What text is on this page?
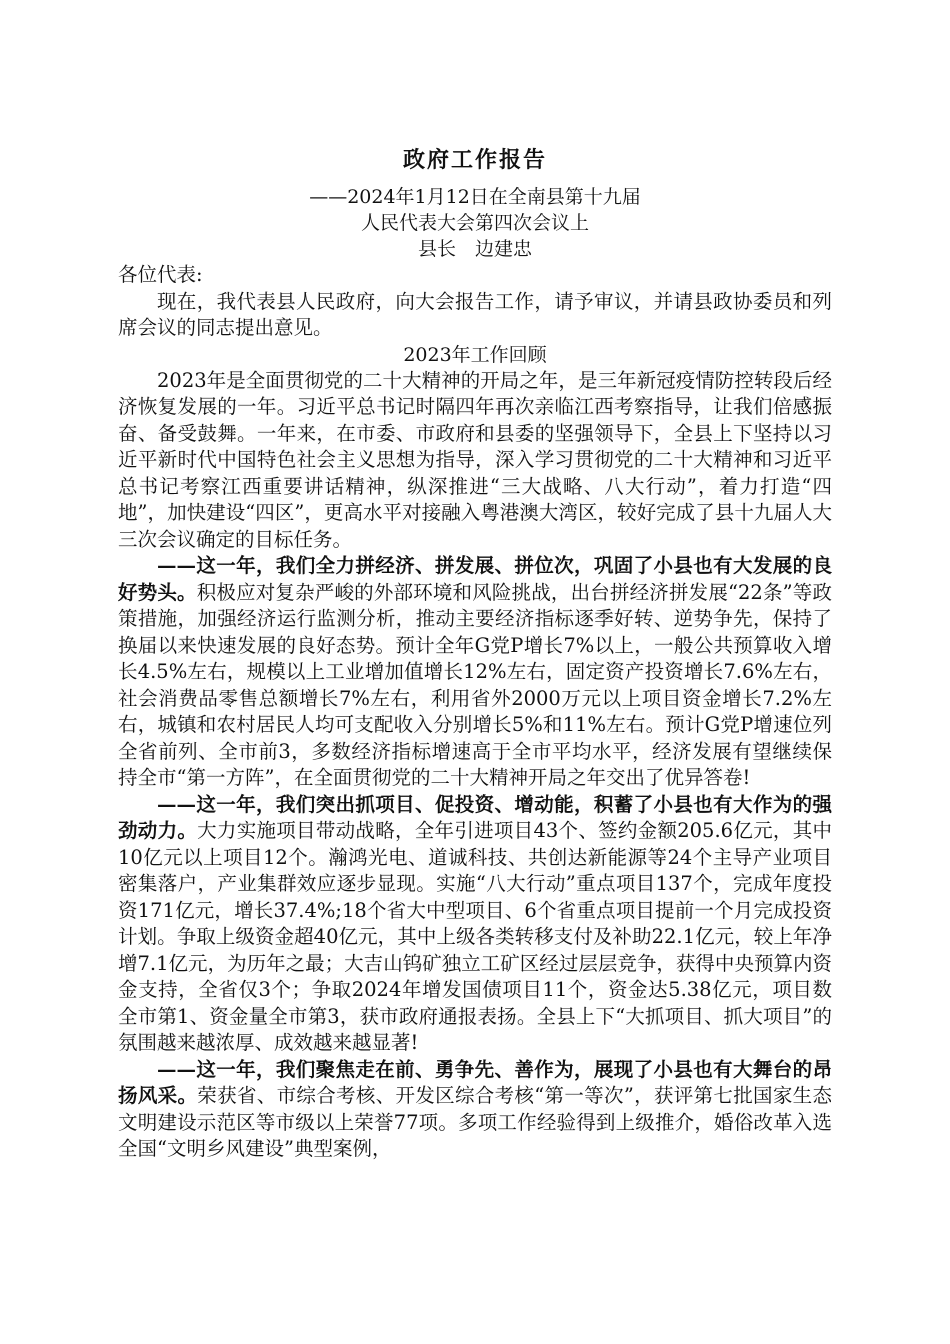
政府工作报告
——2024年1月12日在全南县第十九届
人民代表大会第四次会议上
县长　边建忠
各位代表:
现在，我代表县人民政府，向大会报告工作，请予审议，并请县政协委员和列席会议的同志提出意见。
2023年工作回顾
2023年是全面贯彻党的二十大精神的开局之年，是三年新冠疫情防控转段后经济恢复发展的一年。习近平总书记时隔四年再次亲临江西考察指导，让我们倍感振奋、备受鼓舞。一年来，在市委、市政府和县委的坚强领导下，全县上下坚持以习近平新时代中国特色社会主义思想为指导，深入学习贯彻党的二十大精神和习近平总书记考察江西重要讲话精神，纵深推进“三大战略、八大行动”，着力打造“四地”，加快建设“四区”，更高水平对接融入粤港澳大湾区，较好完成了县十九届人大三次会议确定的目标任务。
——这一年，我们全力拼经济、拼发展、拼位次，巩固了小县也有大发展的良好势头。积极应对复杂严峻的外部环境和风险挑战，出台拼经济拼发展“22条”等政策措施，加强经济运行监测分析，推动主要经济指标逐季好转、逆势争先，保持了换届以来快速发展的良好态势。预计全年G党P增长7%以上，一般公共预算收入增长4.5%左右，规模以上工业增加值增长12%左右，固定资产投资增长7.6%左右，社会消费品零售总额增长7%左右，利用省外2000万元以上项目资金增长7.2%左右，城镇和农村居民人均可支配收入分别增长5%和11%左右。预计G党P增速位列全省前列、全市前3，多数经济指标增速高于全市平均水平，经济发展有望继续保持全市“第一方阵”，在全面贯彻党的二十大精神开局之年交出了优异答卷!
——这一年，我们突出抓项目、促投资、增动能，积蓄了小县也有大作为的强劲动力。大力实施项目带动战略，全年引进项目43个、签约金额205.6亿元，其中10亿元以上项目12个。瀚鸿光电、道诚科技、共创达新能源等24个主导产业项目密集落户，产业集群效应逐步显现。实施“八大行动”重点项目137个，完成年度投资171亿元，增长37.4%;18个省大中型项目、6个省重点项目提前一个月完成投资计划。争取上级资金超40亿元，其中上级各类转移支付及补助22.1亿元，较上年净增7.1亿元，为历年之最；大吉山钨矿独立工矿区经过层层竞争，获得中央预算内资金支持，全省仅3个；争取2024年增发国债项目11个，资金达5.38亿元，项目数全市第1、资金量全市第3，获市政府通报表扬。全县上下“大抓项目、抓大项目”的氛围越来越浓厚、成效越来越显著!
——这一年，我们聚焦走在前、勇争先、善作为，展现了小县也有大舞台的昂扬风采。荣获省、市综合考核、开发区综合考核“第一等次”，获评第七批国家生态文明建设示范区等市级以上荣誉77项。多项工作经验得到上级推介，婚俗改革入选全国“文明乡风建设”典型案例，
